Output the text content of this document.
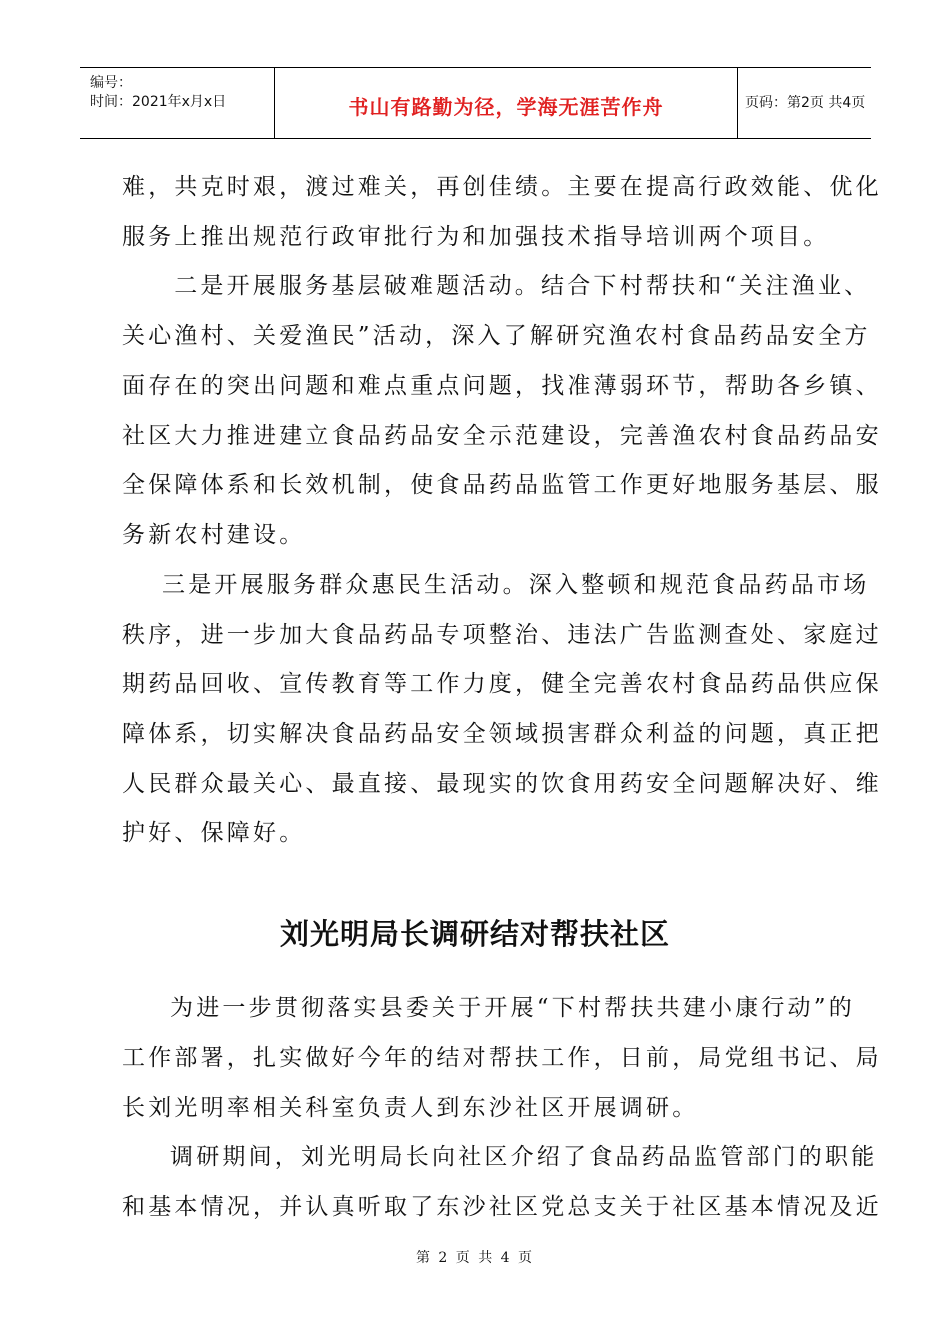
编号：
时间：2021年x月x日	书山有路勤为径，学海无涯苦作舟	页码：第2页 共4页
难，共克时艰，渡过难关，再创佳绩。主要在提高行政效能、优化
服务上推出规范行政审批行为和加强技术指导培训两个项目。
　二是开展服务基层破难题活动。结合下村帮扶和“关注渔业、
关心渔村、关爱渔民”活动，深入了解研究渔农村食品药品安全方
面存在的突出问题和难点重点问题，找准薄弱环节，帮助各乡镇、
社区大力推进建立食品药品安全示范建设，完善渔农村食品药品安
全保障体系和长效机制，使食品药品监管工作更好地服务基层、服
务新农村建设。
三是开展服务群众惠民生活动。深入整顿和规范食品药品市场
秩序，进一步加大食品药品专项整治、违法广告监测查处、家庭过
期药品回收、宣传教育等工作力度，健全完善农村食品药品供应保
障体系，切实解决食品药品安全领域损害群众利益的问题，真正把
人民群众最关心、最直接、最现实的饮食用药安全问题解决好、维
护好、保障好。
刘光明局长调研结对帮扶社区
为进一步贯彻落实县委关于开展“下村帮扶共建小康行动”的
工作部署，扎实做好今年的结对帮扶工作，日前，局党组书记、局
长刘光明率相关科室负责人到东沙社区开展调研。
调研期间，刘光明局长向社区介绍了食品药品监管部门的职能
和基本情况，并认真听取了东沙社区党总支关于社区基本情况及近
第 2 页 共 4 页
